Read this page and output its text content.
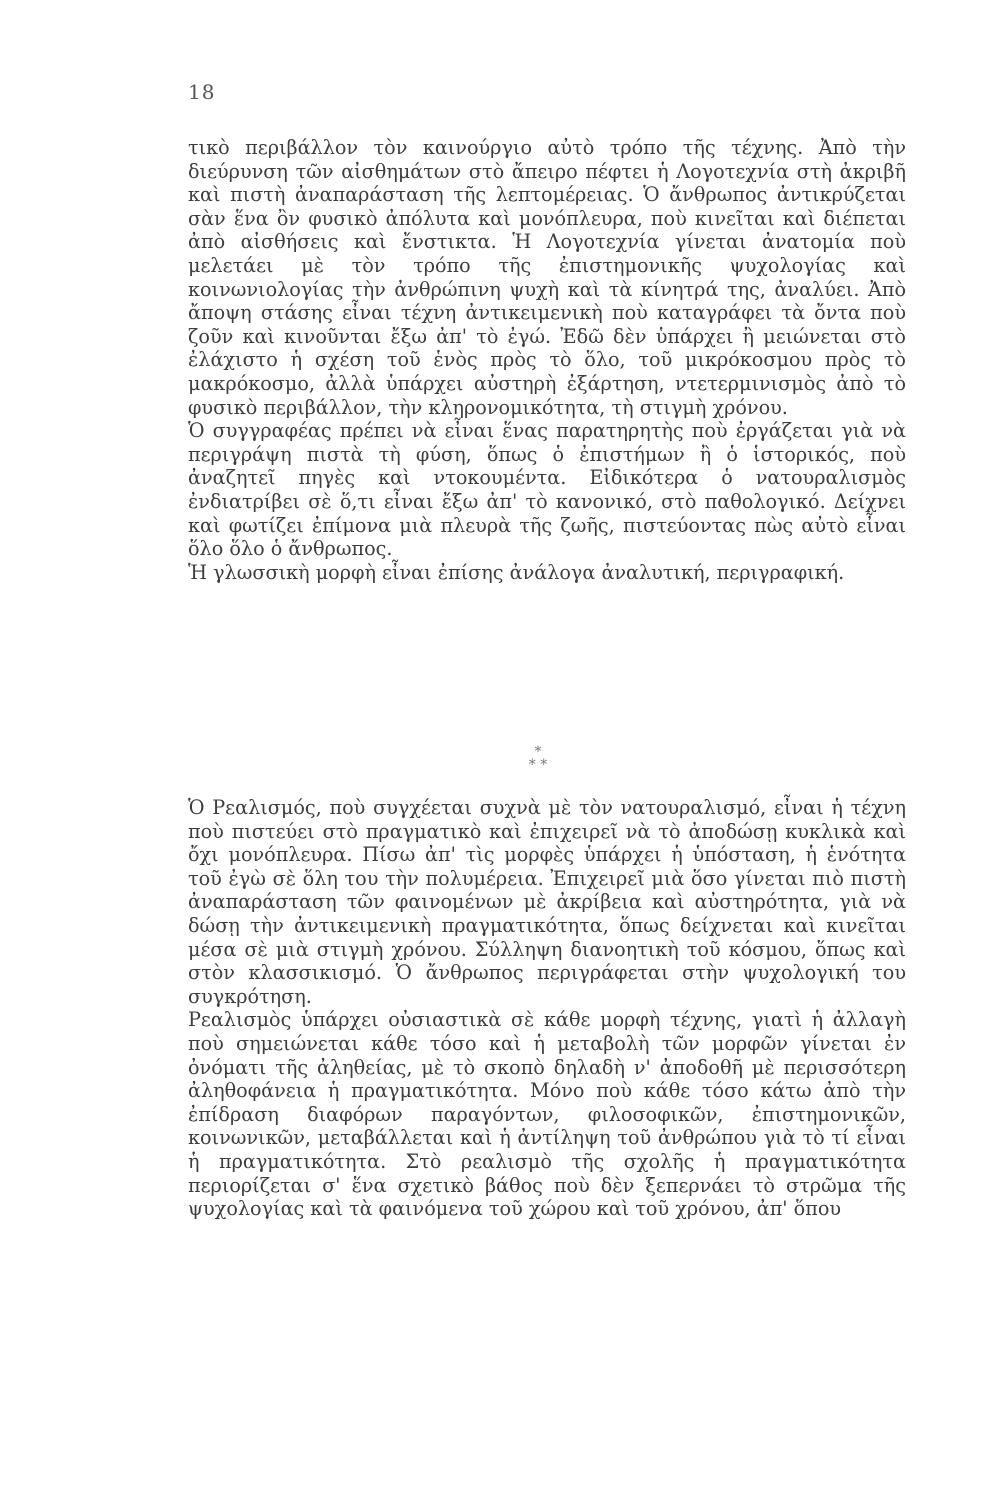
18

τικὸ περιβάλλον τὸν καινούργιο αὐτὸ τρόπο τῆς τέχνης. Ἀπὸ τὴν διεύρυνση τῶν αἰσθημάτων στὸ ἄπειρο πέφτει ἡ Λογοτεχνία στὴ ἀκριβῆ καὶ πιστὴ ἀναπαράσταση τῆς λεπτομέρειας. Ὁ ἄνθρωπος ἀντικρύζεται σὰν ἕνα ὂν φυσικὸ ἀπόλυτα καὶ μονόπλευρα, ποὺ κινεῖται καὶ διέπεται ἀπὸ αἰσθήσεις καὶ ἔνστικτα. Ἡ Λογοτεχνία γίνεται ἀνατομία ποὺ μελετάει μὲ τὸν τρόπο τῆς ἐπιστημονικῆς ψυχολογίας καὶ κοινωνιολογίας τὴν ἀνθρώπινη ψυχὴ καὶ τὰ κίνητρά της, ἀναλύει. Ἀπὸ ἄποψη στάσης εἶναι τέχνη ἀντικειμενικὴ ποὺ καταγράφει τὰ ὄντα ποὺ ζοῦν καὶ κινοῦνται ἔξω ἀπ' τὸ ἐγώ. Ἐδῶ δὲν ὑπάρχει ἢ μειώνεται στὸ ἐλάχιστο ἡ σχέση τοῦ ἑνὸς πρὸς τὸ ὅλο, τοῦ μικρόκοσμου πρὸς τὸ μακρόκοσμο, ἀλλὰ ὑπάρχει αὐστηρὴ ἐξάρτηση, ντετερμινισμὸς ἀπὸ τὸ φυσικὸ περιβάλλον, τὴν κληρονομικότητα, τὴ στιγμὴ χρόνου.

Ὁ συγγραφέας πρέπει νὰ εἶναι ἕνας παρατηρητὴς ποὺ ἐργάζεται γιὰ νὰ περιγράψη πιστὰ τὴ φύση, ὅπως ὁ ἐπιστήμων ἢ ὁ ἱστορικός, ποὺ ἀναζητεῖ πηγὲς καὶ ντοκουμέντα. Εἰδικότερα ὁ νατουραλισμὸς ἐνδιατρίβει σὲ ὅ,τι εἶναι ἔξω ἀπ' τὸ κανονικό, στὸ παθολογικό. Δείχνει καὶ φωτίζει ἐπίμονα μιὰ πλευρὰ τῆς ζωῆς, πιστεύοντας πὼς αὐτὸ εἶναι ὅλο ὅλο ὁ ἄνθρωπος.

Ἡ γλωσσικὴ μορφὴ εἶναι ἐπίσης ἀνάλογα ἀναλυτική, περιγραφική.

*
* *

Ὁ Ρεαλισμός, ποὺ συγχέεται συχνὰ μὲ τὸν νατουραλισμό, εἶναι ἡ τέχνη ποὺ πιστεύει στὸ πραγματικὸ καὶ ἐπιχειρεῖ νὰ τὸ ἀποδώσῃ κυκλικὰ καὶ ὄχι μονόπλευρα. Πίσω ἀπ' τὶς μορφὲς ὑπάρχει ἡ ὑπόσταση, ἡ ἑνότητα τοῦ ἐγὼ σὲ ὅλη του τὴν πολυμέρεια. Ἐπιχειρεῖ μιὰ ὅσο γίνεται πιὸ πιστὴ ἀναπαράσταση τῶν φαινομένων μὲ ἀκρίβεια καὶ αὐστηρότητα, γιὰ νὰ δώσῃ τὴν ἀντικειμενικὴ πραγματικότητα, ὅπως δείχνεται καὶ κινεῖται μέσα σὲ μιὰ στιγμὴ χρόνου. Σύλληψη διανοητικὴ τοῦ κόσμου, ὅπως καὶ στὸν κλασσικισμό. Ὁ ἄνθρωπος περιγράφεται στὴν ψυχολογική του συγκρότηση.

Ρεαλισμὸς ὑπάρχει οὐσιαστικὰ σὲ κάθε μορφὴ τέχνης, γιατὶ ἡ ἀλλαγὴ ποὺ σημειώνεται κάθε τόσο καὶ ἡ μεταβολὴ τῶν μορφῶν γίνεται ἐν ὀνόματι τῆς ἀληθείας, μὲ τὸ σκοπὸ δηλαδὴ ν' ἀποδοθῆ μὲ περισσότερη ἀληθοφάνεια ἡ πραγματικότητα. Μόνο ποὺ κάθε τόσο κάτω ἀπὸ τὴν ἐπίδραση διαφόρων παραγόντων, φιλοσοφικῶν, ἐπιστημονικῶν, κοινωνικῶν, μεταβάλλεται καὶ ἡ ἀντίληψη τοῦ ἀνθρώπου γιὰ τὸ τί εἶναι ἡ πραγματικότητα. Στὸ ρεαλισμὸ τῆς σχολῆς ἡ πραγματικότητα περιορίζεται σ' ἕνα σχετικὸ βάθος ποὺ δὲν ξεπερνάει τὸ στρῶμα τῆς ψυχολογίας καὶ τὰ φαινόμενα τοῦ χώρου καὶ τοῦ χρόνου, ἀπ' ὅπου
